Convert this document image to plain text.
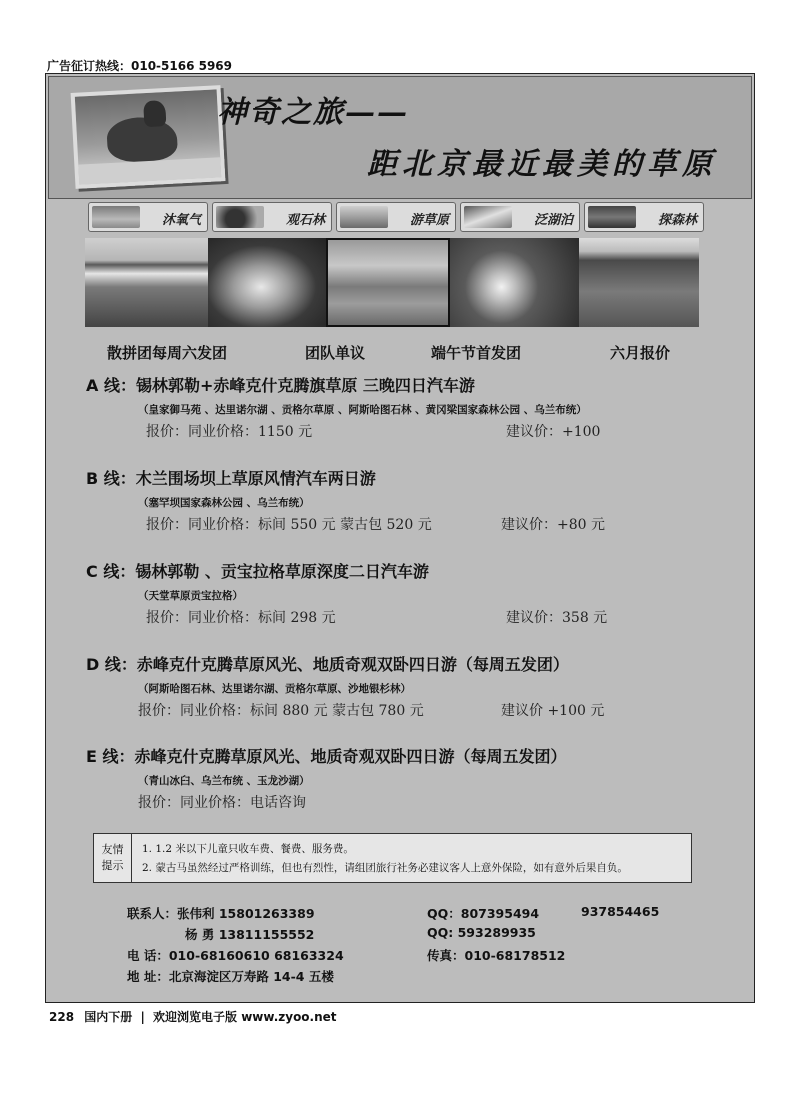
广告征订热线：010-5166 5969
神奇之旅——
距北京最近最美的草原
沐氧气	观石林	游草原	泛湖泊	探森林
散拼团每周六发团	团队单议	端午节首发团	六月报价
A 线：锡林郭勒+赤峰克什克腾旗草原 三晚四日汽车游
（皇家御马苑 、达里诺尔湖 、贡格尔草原 、阿斯哈图石林 、黄冈梁国家森林公园 、乌兰布统）
报价：同业价格：1150 元	建议价：+100
B 线：木兰围场坝上草原风情汽车两日游
（塞罕坝国家森林公园 、乌兰布统）
报价：同业价格：标间 550 元 蒙古包 520 元	建议价：+80 元
C 线：锡林郭勒 、贡宝拉格草原深度二日汽车游
（天堂草原贡宝拉格）
报价：同业价格：标间 298 元	建议价：358 元
D 线：赤峰克什克腾草原风光、地质奇观双卧四日游（每周五发团）
（阿斯哈图石林、达里诺尔湖、贡格尔草原、沙地银杉林）
报价：同业价格：标间 880 元 蒙古包 780 元	建议价 +100 元
E 线：赤峰克什克腾草原风光、地质奇观双卧四日游（每周五发团）
（青山冰臼、乌兰布统 、玉龙沙湖）
报价：同业价格：电话咨询
友情
提示
1. 1.2 米以下儿童只收车费、餐费、服务费。
2. 蒙古马虽然经过严格训练，但也有烈性，请组团旅行社务必建议客人上意外保险，如有意外后果自负。
联系人：张伟利 15801263389
杨 勇 13811155552
电 话：010-68160610 68163324
地 址：北京海淀区万寿路 14-4 五楼
QQ：807395494	937854465
QQ: 593289935
传真：010-68178512
228 国内下册 | 欢迎浏览电子版 www.zyoo.net
